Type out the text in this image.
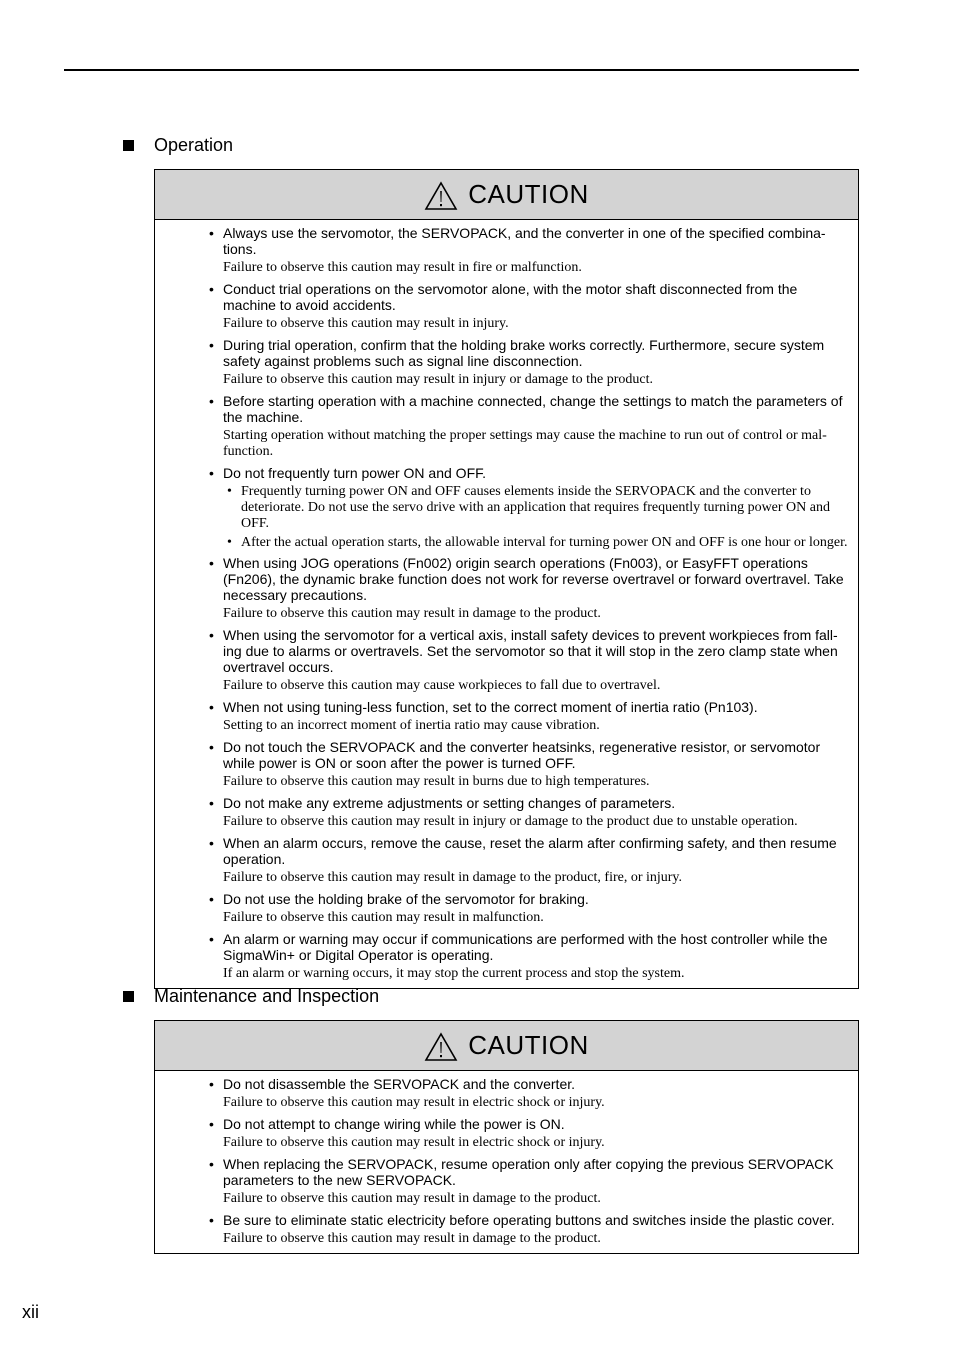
Operation
CAUTION
• Always use the servomotor, the SERVOPACK, and the converter in one of the specified combina-tions.
Failure to observe this caution may result in fire or malfunction.
• Conduct trial operations on the servomotor alone, with the motor shaft disconnected from the machine to avoid accidents.
Failure to observe this caution may result in injury.
• During trial operation, confirm that the holding brake works correctly. Furthermore, secure system safety against problems such as signal line disconnection.
Failure to observe this caution may result in injury or damage to the product.
• Before starting operation with a machine connected, change the settings to match the parameters of the machine.
Starting operation without matching the proper settings may cause the machine to run out of control or mal-function.
• Do not frequently turn power ON and OFF.
• Frequently turning power ON and OFF causes elements inside the SERVOPACK and the converter to deteriorate. Do not use the servo drive with an application that requires frequently turning power ON and OFF.
• After the actual operation starts, the allowable interval for turning power ON and OFF is one hour or longer.
• When using JOG operations (Fn002) origin search operations (Fn003), or EasyFFT operations (Fn206), the dynamic brake function does not work for reverse overtravel or forward overtravel. Take necessary precautions.
Failure to observe this caution may result in damage to the product.
• When using the servomotor for a vertical axis, install safety devices to prevent workpieces from fall-ing due to alarms or overtravels. Set the servomotor so that it will stop in the zero clamp state when overtravel occurs.
Failure to observe this caution may cause workpieces to fall due to overtravel.
• When not using tuning-less function, set to the correct moment of inertia ratio (Pn103).
Setting to an incorrect moment of inertia ratio may cause vibration.
• Do not touch the SERVOPACK and the converter heatsinks, regenerative resistor, or servomotor while power is ON or soon after the power is turned OFF.
Failure to observe this caution may result in burns due to high temperatures.
• Do not make any extreme adjustments or setting changes of parameters.
Failure to observe this caution may result in injury or damage to the product due to unstable operation.
• When an alarm occurs, remove the cause, reset the alarm after confirming safety, and then resume operation.
Failure to observe this caution may result in damage to the product, fire, or injury.
• Do not use the holding brake of the servomotor for braking.
Failure to observe this caution may result in malfunction.
• An alarm or warning may occur if communications are performed with the host controller while the SigmaWin+ or Digital Operator is operating.
If an alarm or warning occurs, it may stop the current process and stop the system.
Maintenance and Inspection
CAUTION
• Do not disassemble the SERVOPACK and the converter.
Failure to observe this caution may result in electric shock or injury.
• Do not attempt to change wiring while the power is ON.
Failure to observe this caution may result in electric shock or injury.
• When replacing the SERVOPACK, resume operation only after copying the previous SERVOPACK parameters to the new SERVOPACK.
Failure to observe this caution may result in damage to the product.
• Be sure to eliminate static electricity before operating buttons and switches inside the plastic cover.
Failure to observe this caution may result in damage to the product.
xii
